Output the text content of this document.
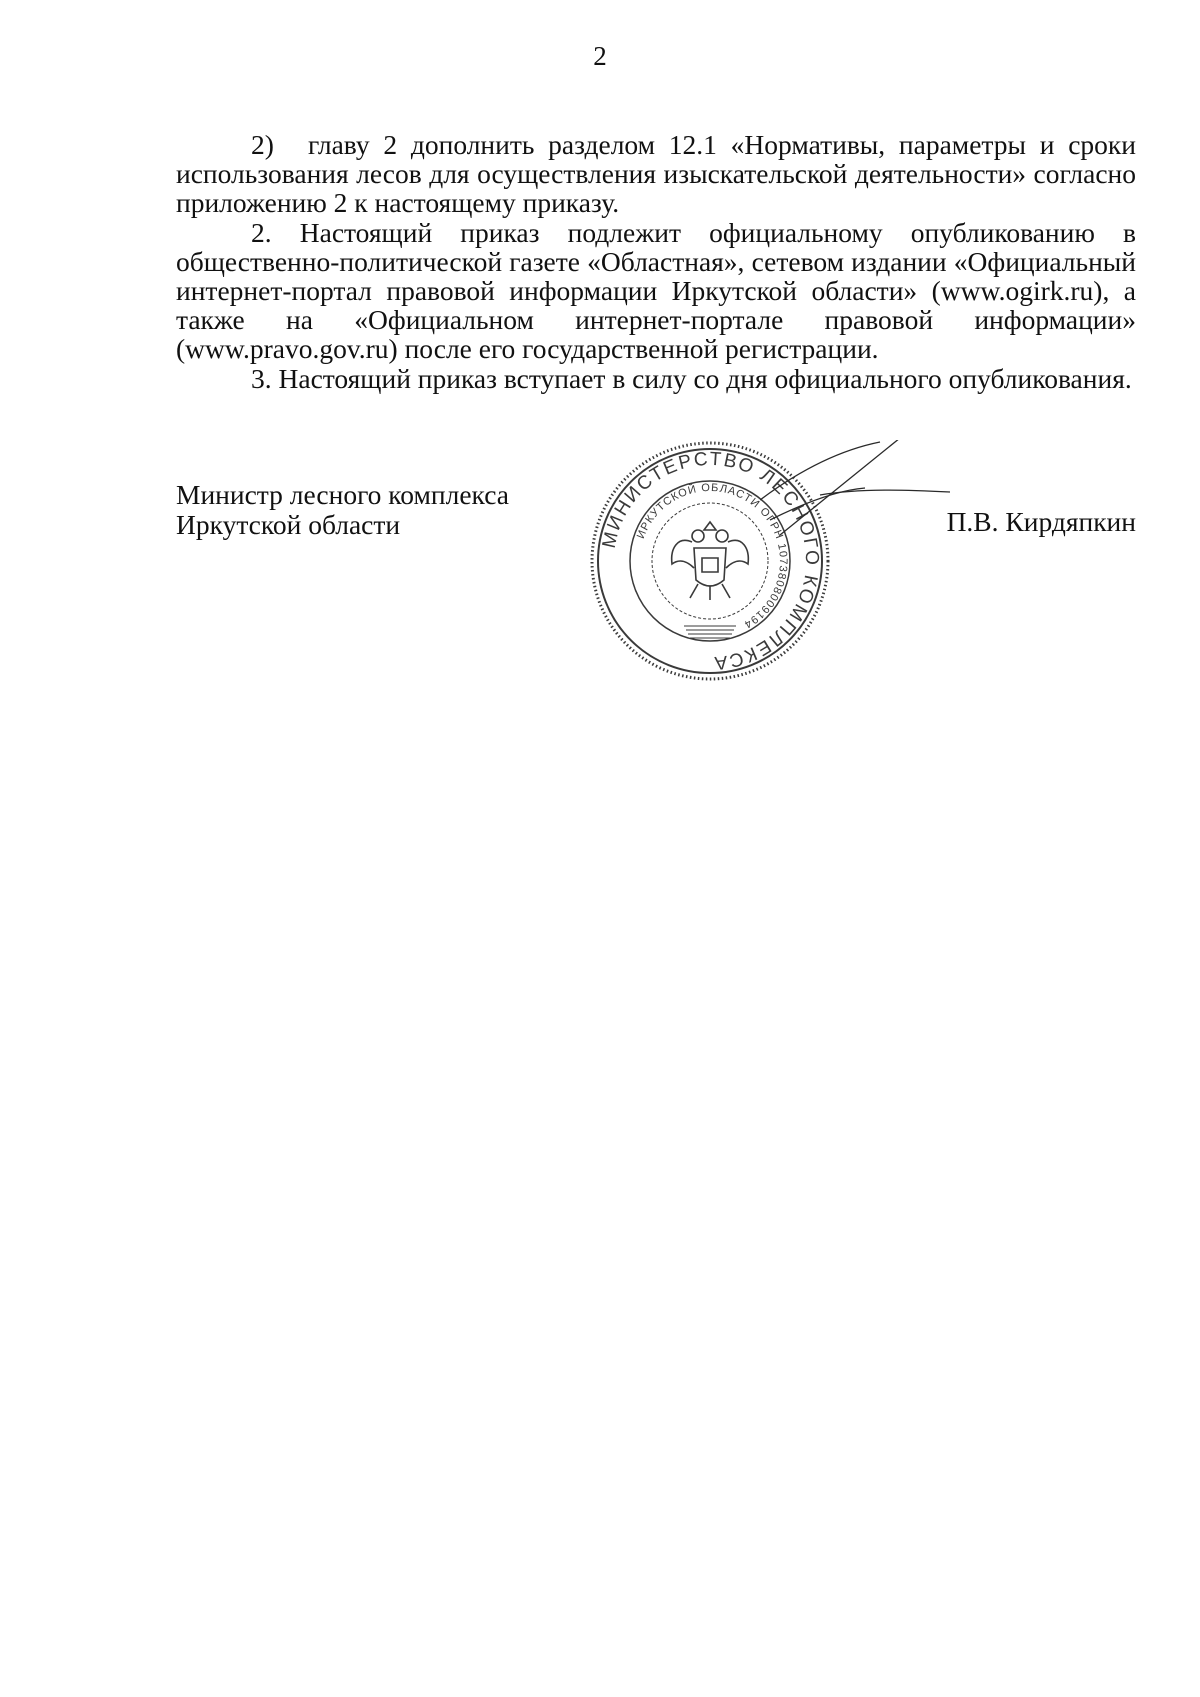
2

2) главу 2 дополнить разделом 12.1 «Нормативы, параметры и сроки использования лесов для осуществления изыскательской деятельности» согласно приложению 2 к настоящему приказу.

2. Настоящий приказ подлежит официальному опубликованию в общественно-политической газете «Областная», сетевом издании «Официальный интернет-портал правовой информации Иркутской области» (www.ogirk.ru), а также на «Официальном интернет-портале правовой информации» (www.pravo.gov.ru) после его государственной регистрации.

3. Настоящий приказ вступает в силу со дня официального опубликования.

Министр лесного комплекса
Иркутской области	МИНИСТЕРСТВО ЛЕСНОГО КОМПЛЕКСА
ИРКУТСКОЙ ОБЛАСТИ ОГРН 1073808009194
П.В. Кирдяпкин
